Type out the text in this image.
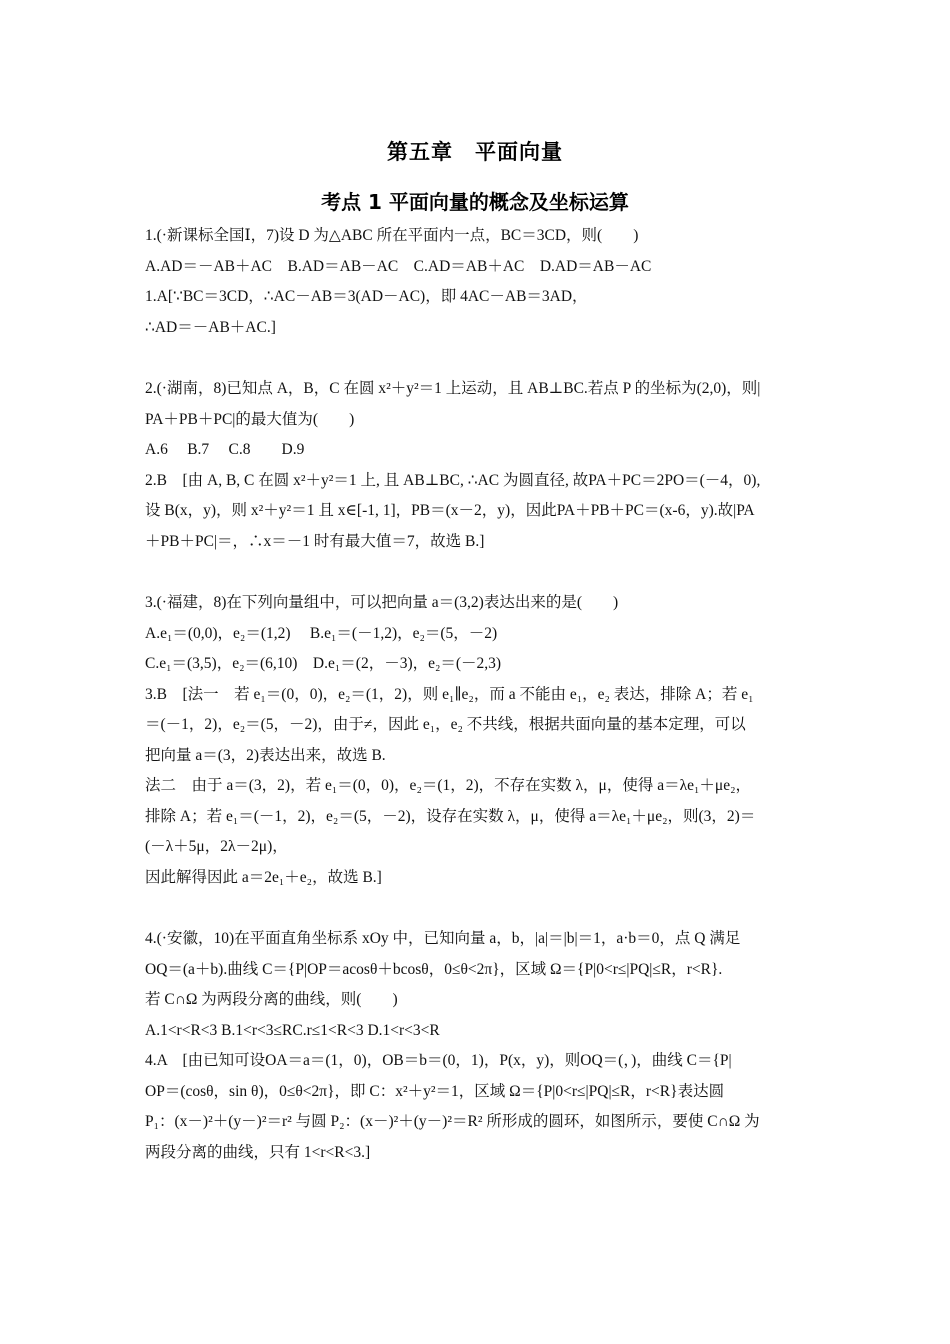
第五章　平面向量
考点 1 平面向量的概念及坐标运算
1.(·新课标全国Ⅰ，7)设 D 为△ABC 所在平面内一点，BC＝3CD，则(　　)
A.AD＝－AB＋AC　B.AD＝AB－AC　C.AD＝AB＋AC　D.AD＝AB－AC
1.A[∵BC＝3CD，∴AC－AB＝3(AD－AC)，即 4AC－AB＝3AD，
∴AD＝－AB＋AC.]
2.(·湖南，8)已知点 A，B，C 在圆 x²＋y²＝1 上运动，且 AB⊥BC.若点 P 的坐标为(2,0)，则|
PA＋PB＋PC|的最大值为(　　)
A.6　 B.7　 C.8　　D.9
2.B　[由 A, B, C 在圆 x²＋y²＝1 上, 且 AB⊥BC, ∴AC 为圆直径, 故PA＋PC＝2PO＝(－4，0),
设 B(x，y)，则 x²＋y²＝1 且 x∈[-1, 1]，PB＝(x－2，y)，因此PA＋PB＋PC＝(x-6，y).故|PA
＋PB＋PC|＝，∴x＝－1 时有最大值＝7，故选 B.]
3.(·福建，8)在下列向量组中，可以把向量 a＝(3,2)表达出来的是(　　)
A.e₁＝(0,0)，e₂＝(1,2)　 B.e₁＝(－1,2)，e₂＝(5，－2)
C.e₁＝(3,5)，e₂＝(6,10)　D.e₁＝(2，－3)，e₂＝(－2,3)
3.B　[法一　若 e₁＝(0，0)，e₂＝(1，2)，则 e₁∥e₂，而 a 不能由 e₁，e₂ 表达，排除 A；若 e₁
＝(－1，2)，e₂＝(5，－2)，由于≠，因此 e₁，e₂ 不共线，根据共面向量的基本定理，可以
把向量 a＝(3，2)表达出来，故选 B.
法二　由于 a＝(3，2)，若 e₁＝(0，0)，e₂＝(1，2)，不存在实数 λ，μ，使得 a＝λe₁＋μe₂，
排除 A；若 e₁＝(－1，2)，e₂＝(5，－2)，设存在实数 λ，μ，使得 a＝λe₁＋μe₂，则(3，2)＝
(－λ＋5μ，2λ－2μ)，
因此解得因此 a＝2e₁＋e₂，故选 B.]
4.(·安徽，10)在平面直角坐标系 xOy 中，已知向量 a，b，|a|＝|b|＝1，a·b＝0，点 Q 满足
OQ＝(a＋b).曲线 C＝{P|OP＝acosθ＋bcosθ，0≤θ<2π}，区域 Ω＝{P|0<r≤|PQ|≤R，r<R}.
若 C∩Ω 为两段分离的曲线，则(　　)
A.1<r<R<3 B.1<r<3≤RC.r≤1<R<3 D.1<r<3<R
4.A　[由已知可设OA＝a＝(1，0)，OB＝b＝(0，1)，P(x，y)，则OQ＝(，)，曲线 C＝{P|
OP＝(cosθ，sin θ)，0≤θ<2π}，即 C：x²＋y²＝1，区域 Ω＝{P|0<r≤|PQ|≤R，r<R}表达圆
P₁：(x－)²＋(y－)²＝r² 与圆 P₂：(x－)²＋(y－)²＝R² 所形成的圆环，如图所示，要使 C∩Ω 为
两段分离的曲线，只有 1<r<R<3.]
